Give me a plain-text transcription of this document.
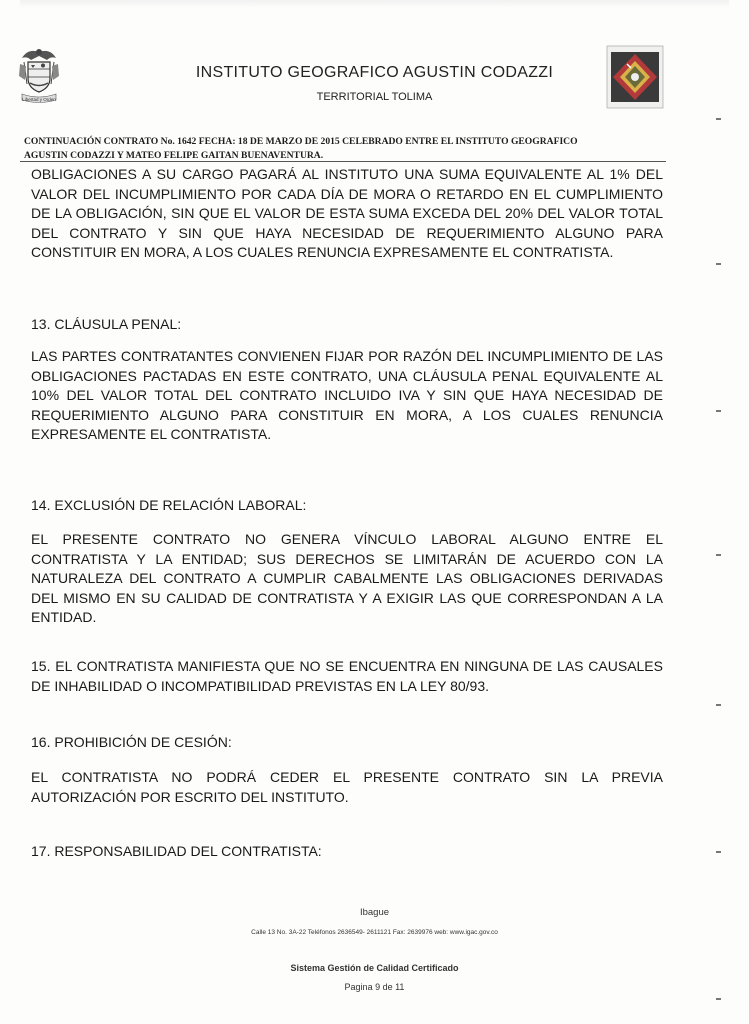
Libertad y Orden
INSTITUTO GEOGRAFICO AGUSTIN CODAZZI
TERRITORIAL TOLIMA
CONTINUACIÓN CONTRATO No. 1642 FECHA: 18 DE MARZO DE 2015 CELEBRADO ENTRE EL INSTITUTO GEOGRAFICO
AGUSTIN CODAZZI Y MATEO FELIPE GAITAN BUENAVENTURA.
OBLIGACIONES A SU CARGO PAGARÁ AL INSTITUTO UNA SUMA EQUIVALENTE AL 1% DEL VALOR DEL INCUMPLIMIENTO POR CADA DÍA DE MORA O RETARDO EN EL CUMPLIMIENTO DE LA OBLIGACIÓN, SIN QUE EL VALOR DE ESTA SUMA EXCEDA DEL 20% DEL VALOR TOTAL DEL CONTRATO Y SIN QUE HAYA NECESIDAD DE REQUERIMIENTO ALGUNO PARA CONSTITUIR EN MORA, A LOS CUALES RENUNCIA EXPRESAMENTE EL CONTRATISTA.
13. CLÁUSULA PENAL:
LAS PARTES CONTRATANTES CONVIENEN FIJAR POR RAZÓN DEL INCUMPLIMIENTO DE LAS OBLIGACIONES PACTADAS EN ESTE CONTRATO, UNA CLÁUSULA PENAL EQUIVALENTE AL 10% DEL VALOR TOTAL DEL CONTRATO INCLUIDO IVA Y SIN QUE HAYA NECESIDAD DE REQUERIMIENTO ALGUNO PARA CONSTITUIR EN MORA, A LOS CUALES RENUNCIA EXPRESAMENTE EL CONTRATISTA.
14. EXCLUSIÓN DE RELACIÓN LABORAL:
EL PRESENTE CONTRATO NO GENERA VÍNCULO LABORAL ALGUNO ENTRE EL CONTRATISTA Y LA ENTIDAD; SUS DERECHOS SE LIMITARÁN DE ACUERDO CON LA NATURALEZA DEL CONTRATO A CUMPLIR CABALMENTE LAS OBLIGACIONES DERIVADAS DEL MISMO EN SU CALIDAD DE CONTRATISTA Y A EXIGIR LAS QUE CORRESPONDAN A LA ENTIDAD.
15. EL CONTRATISTA MANIFIESTA QUE NO SE ENCUENTRA EN NINGUNA DE LAS CAUSALES DE INHABILIDAD O INCOMPATIBILIDAD PREVISTAS EN LA LEY 80/93.
16. PROHIBICIÓN DE CESIÓN:
EL CONTRATISTA NO PODRÁ CEDER EL PRESENTE CONTRATO SIN LA PREVIA AUTORIZACIÓN POR ESCRITO DEL INSTITUTO.
17. RESPONSABILIDAD DEL CONTRATISTA:
Ibague
Calle 13 No. 3A-22 Teléfonos 2636549- 2611121 Fax: 2639976 web: www.igac.gov.co
Sistema Gestión de Calidad Certificado
Pagina 9 de 11
